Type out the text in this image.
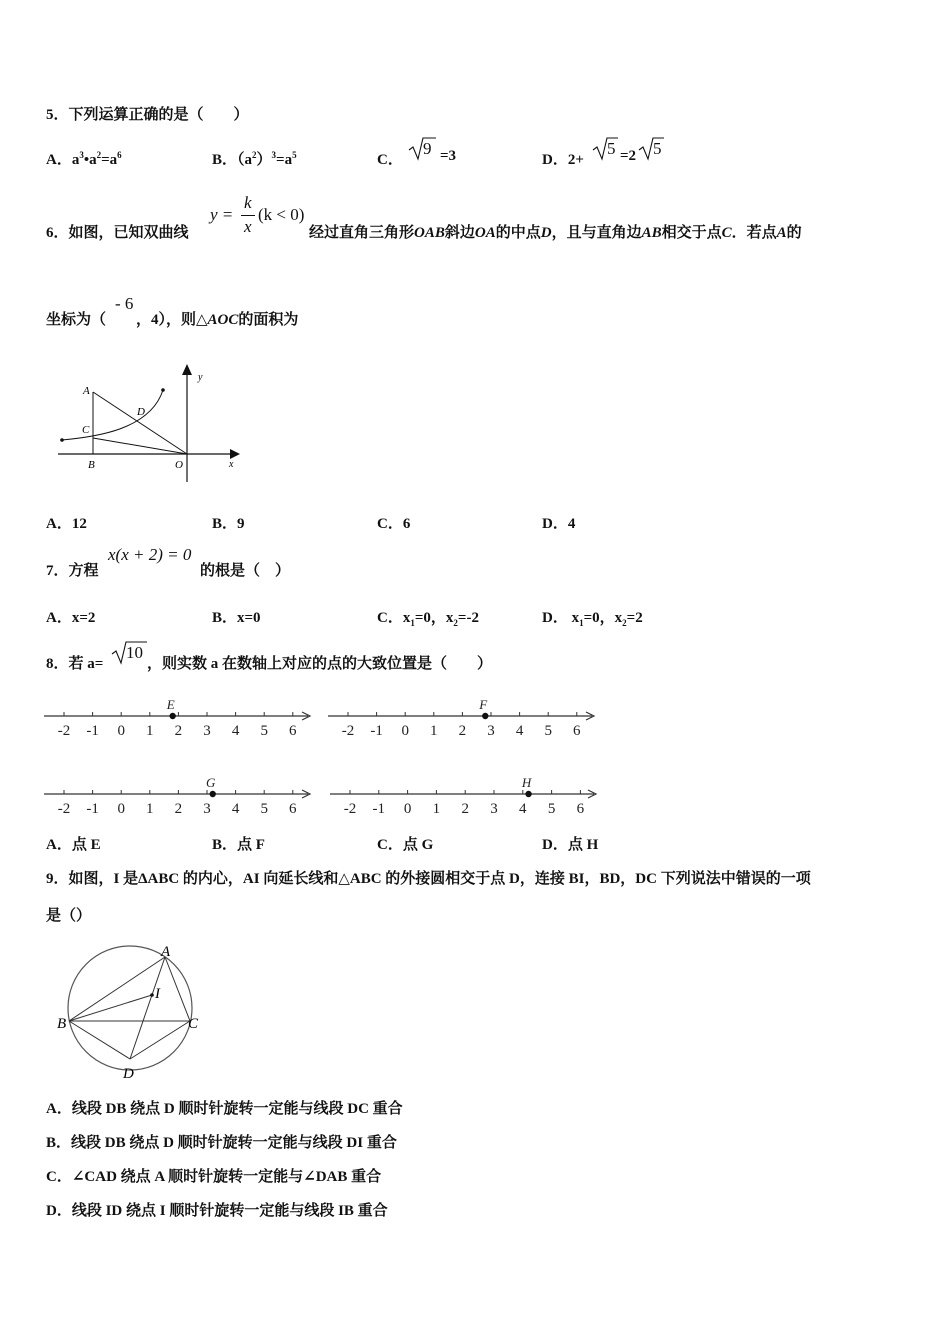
5．下列运算正确的是（　　）
A．$a^3•a^2=a^6$	B．$(a^2)^3=a^5$	C．
9 =3	D．2+
5 =2 5
6．如图，已知双曲线
y =
k
x
(k < 0)
经过直角三角形OAB斜边OA的中点D，且与直角边AB相交于点C．若点A的
坐标为（
- 6
，4），则△AOC的面积为
A
D
C
B	O	x
y
A．12	B．9	C．6	D．4
7．方程
x(x + 2) = 0
的根是（　）
A．x=2	B．x=0	C．$x_1=0$，$x_2=-2$	D． $x_1=0$，$x_2=2$
8．若 a=
10
，则实数 a 在数轴上对应的点的大致位置是（　　）
-2 -1 0 1 2 3 4 5 6
E
-2 -1 0 1 2 3 4 5 6
F
-2 -1 0 1 2 3 4 5 6
G
-2 -1 0 1 2 3 4 5 6
H
A．点 E	B．点 F	C．点 G	D．点 H
9．如图，I 是ΔABC 的内心，AI 向延长线和△ABC 的外接圆相交于点 D，连接 BI，BD，DC 下列说法中错误的一项
是（）
A
B	C
D
I
A．线段 DB 绕点 D 顺时针旋转一定能与线段 DC 重合
B．线段 DB 绕点 D 顺时针旋转一定能与线段 DI 重合
C．∠CAD 绕点 A 顺时针旋转一定能与∠DAB 重合
D．线段 ID 绕点 I 顺时针旋转一定能与线段 IB 重合
